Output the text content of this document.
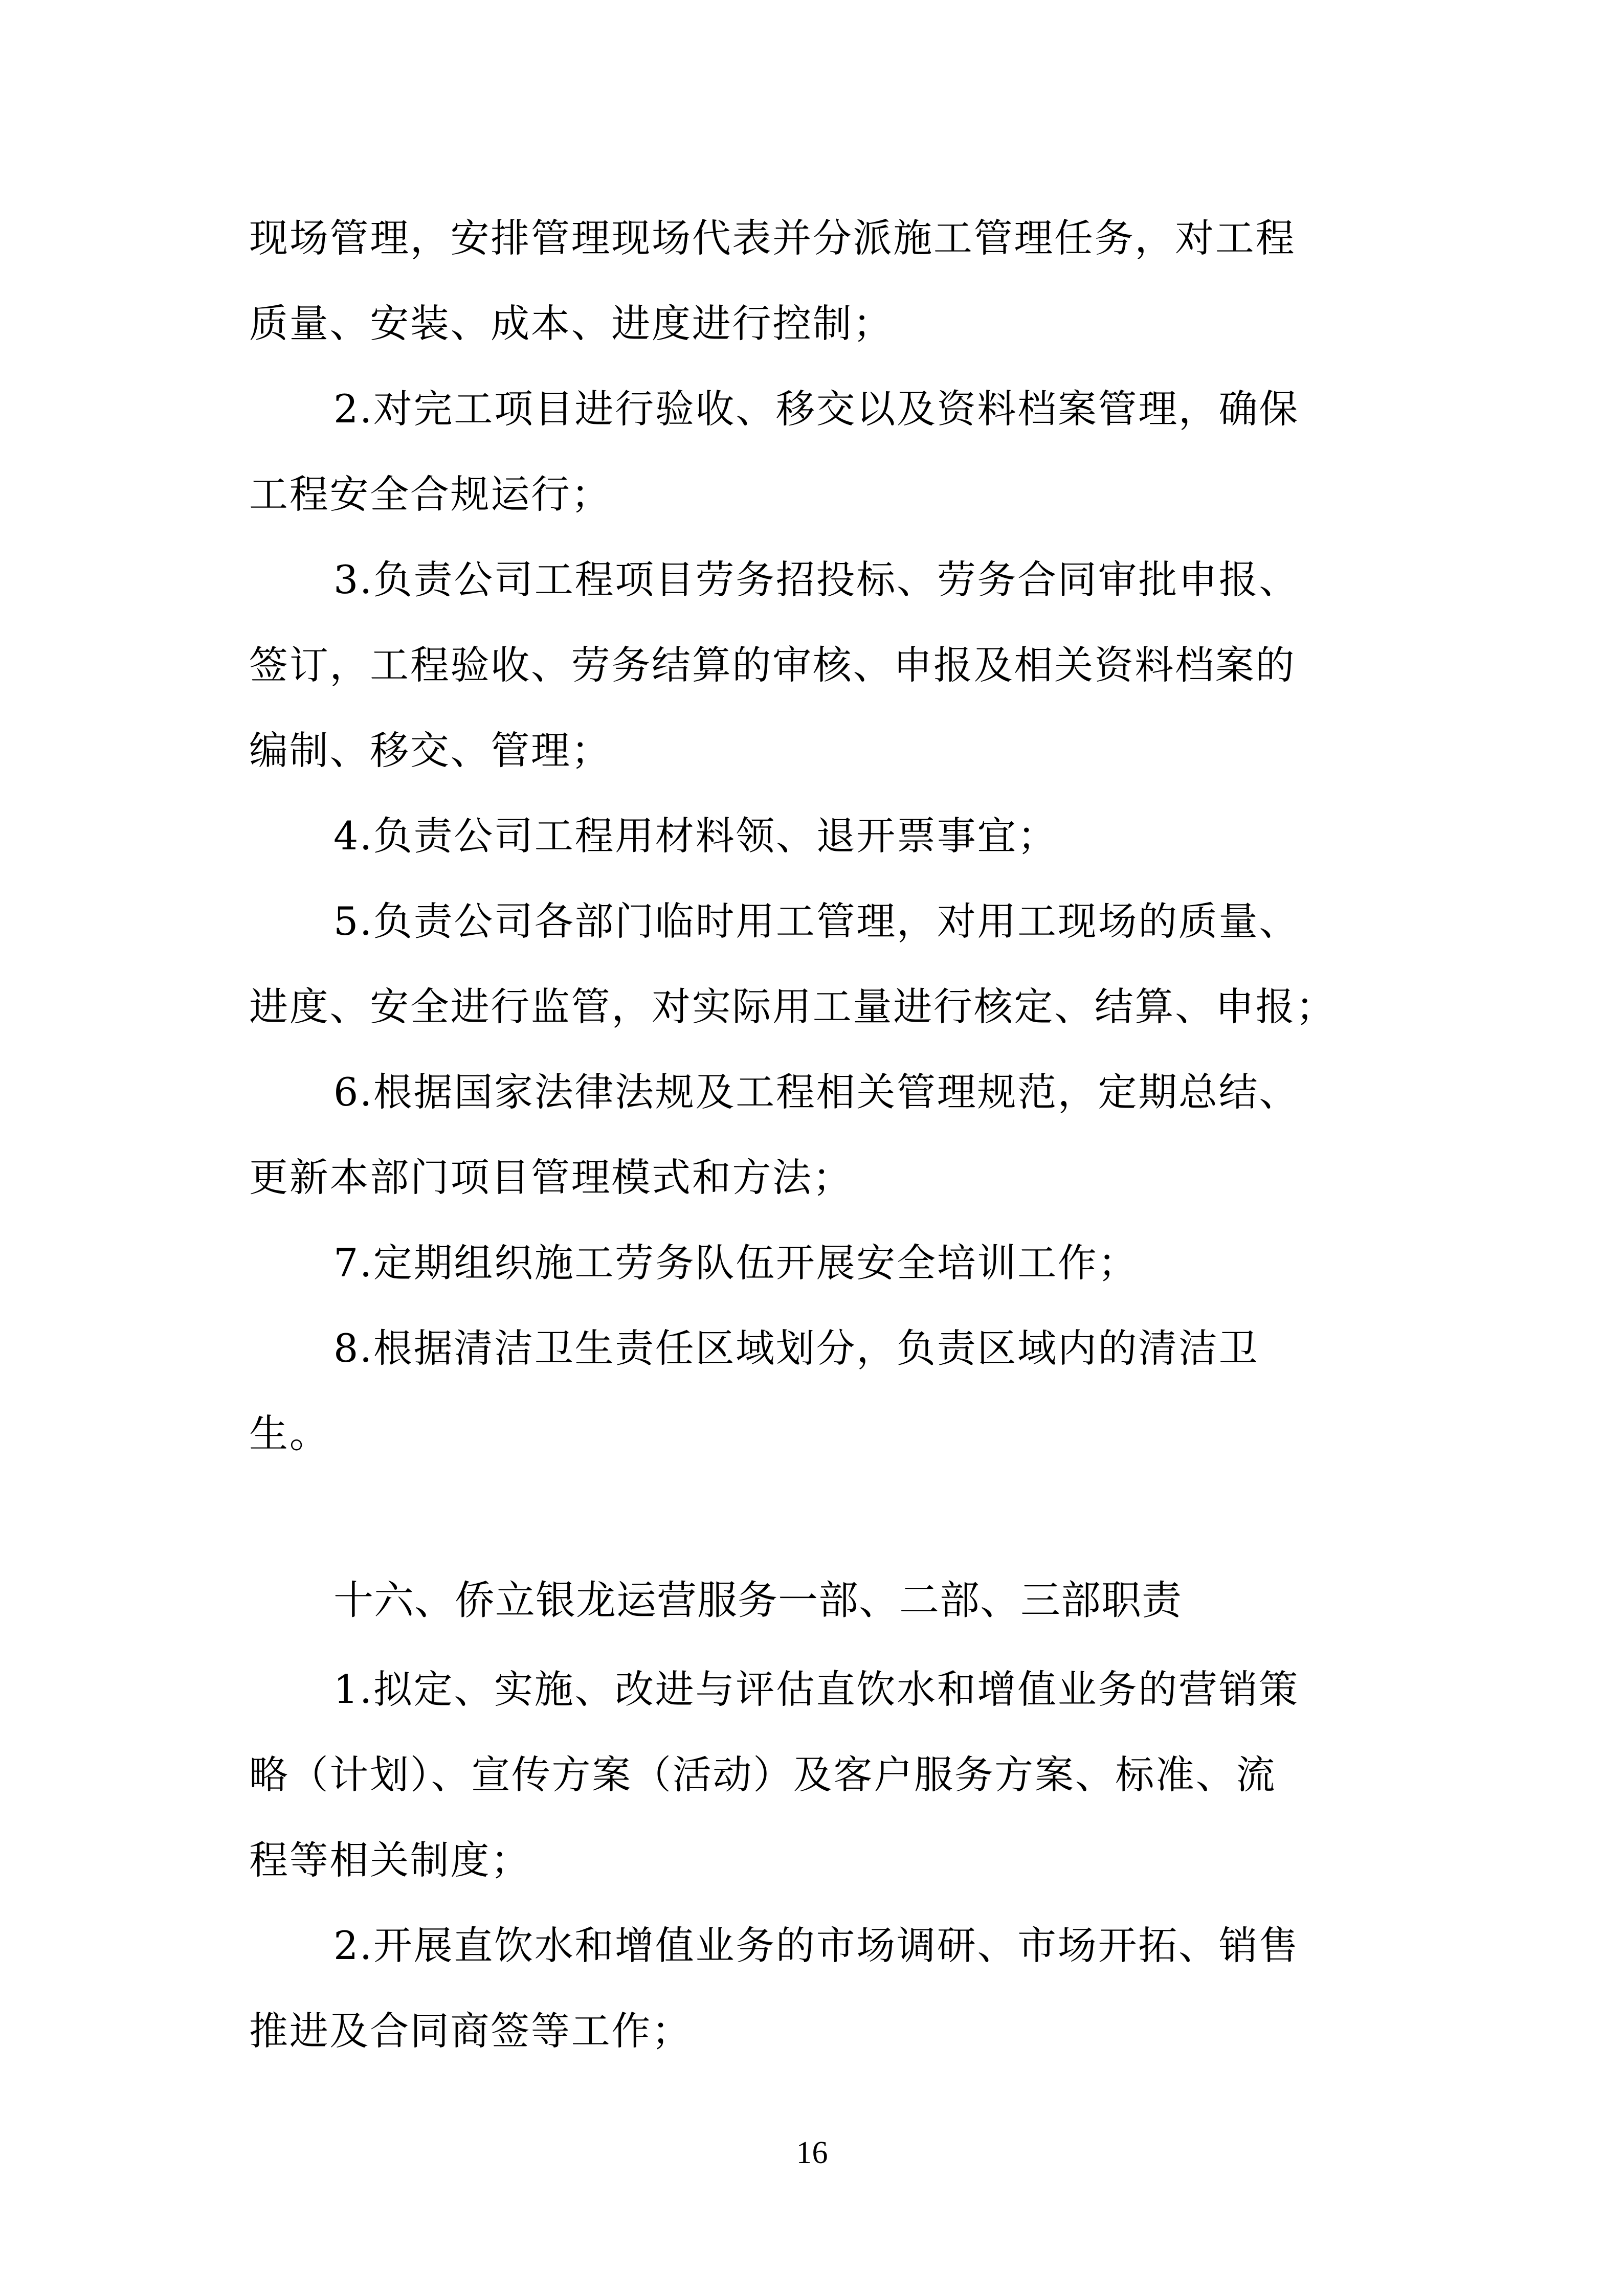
现场管理，安排管理现场代表并分派施工管理任务，对工程
质量、安装、成本、进度进行控制；
2.对完工项目进行验收、移交以及资料档案管理，确保
工程安全合规运行；
3.负责公司工程项目劳务招投标、劳务合同审批申报、
签订，工程验收、劳务结算的审核、申报及相关资料档案的
编制、移交、管理；
4.负责公司工程用材料领、退开票事宜；
5.负责公司各部门临时用工管理，对用工现场的质量、
进度、安全进行监管，对实际用工量进行核定、结算、申报；
6.根据国家法律法规及工程相关管理规范，定期总结、
更新本部门项目管理模式和方法；
7.定期组织施工劳务队伍开展安全培训工作；
8.根据清洁卫生责任区域划分，负责区域内的清洁卫
生。
十六、侨立银龙运营服务一部、二部、三部职责
1.拟定、实施、改进与评估直饮水和增值业务的营销策
略（计划）、宣传方案（活动）及客户服务方案、标准、流
程等相关制度；
2.开展直饮水和增值业务的市场调研、市场开拓、销售
推进及合同商签等工作；
16
